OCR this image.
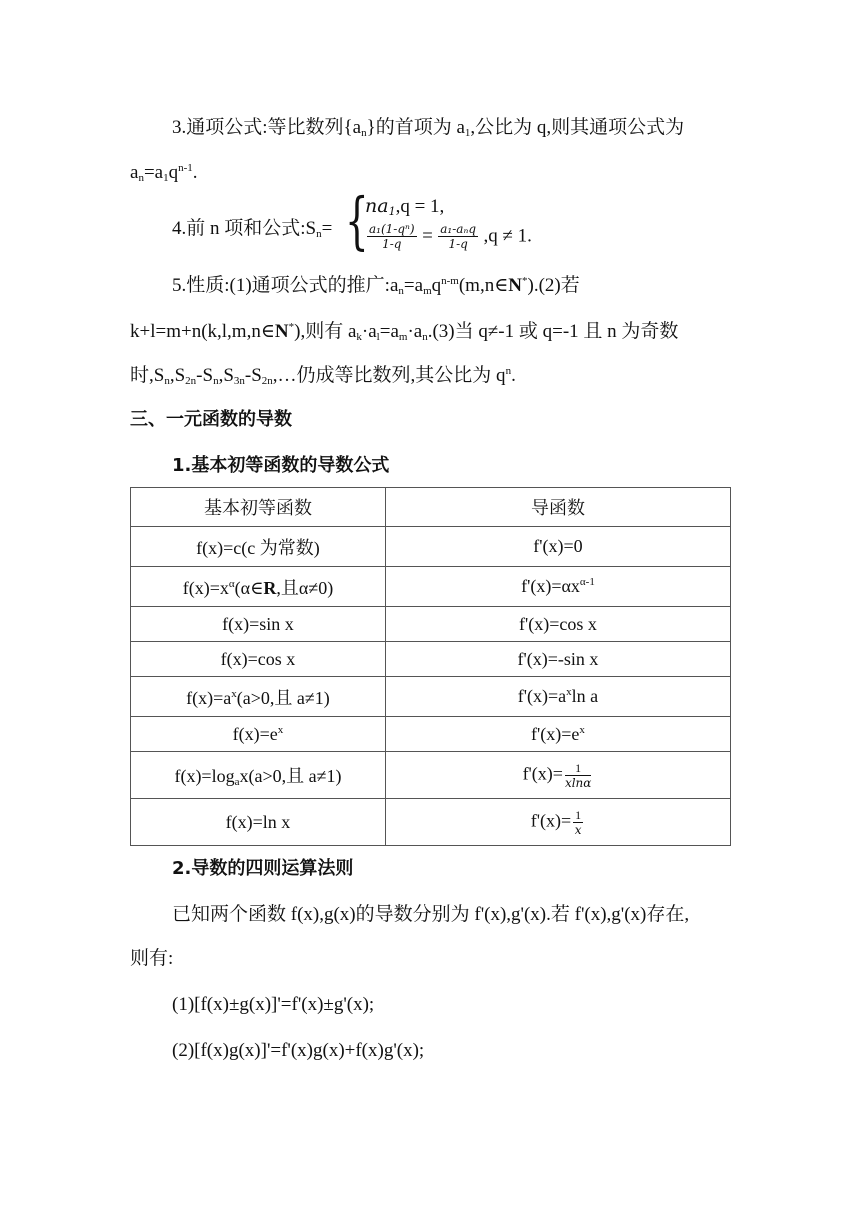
3.通项公式:等比数列$\{a_n\}$的首项为 $a_1$,公比为 q,则其通项公式为
$a_n=a_1q^{n-1}$.
4.前 n 项和公式$:S_n=$ {
$na_1,q = 1$,
$\frac{\text{a₁(1-qⁿ)}}{1-q} = \frac{\text{a₁-aₙq}}{1-q} ,q \ne 1$.
5.性质:(1)通项公式的推广$:a_n=a_mq^{n-m}(m,n\in N^*).(2)$若
k+l=m+n(k,l,m,n∈N*),则有 $a_k\cdot a_l=a_m\cdot a_n.(3)$当 q≠-1 或 q=-1 且 n 为奇数
时$,S_n,S_{2n}-S_n,S_{3n}-S_{2n},\dots$仍成等比数列,其公比为 $q^n$.
三、一元函数的导数
1.基本初等函数的导数公式
基本初等函数	导函数
f(x)=c(c 为常数)	f'(x)=0
$f(x)=x^\alpha(\alpha\in R$,且α≠0)	$f'(x)=\alpha x^{\alpha-1}$
f(x)=sin x	f'(x)=cos x
f(x)=cos x	f'(x)=-sin x
$f(x)=a^x(a>0$,且 a≠1)	$f'(x)=a^x\ln$ a
$f(x)=e^x$	$f'(x)=e^x$
$f(x)=\log_ax(a>0$,且 a≠1)	$f'(x)= \frac{1}{xln\alpha}$

f(x)=ln x	$f'(x)= \frac{1}{x}$
2.导数的四则运算法则
已知两个函数 f(x),g(x)的导数分别为 f'(x),g'(x).若 f'(x),g'(x)存在,
则有:
(1)[f(x)±g(x)]'=f'(x)±g'(x);
(2)[f(x)g(x)]'=f'(x)g(x)+f(x)g'(x);
